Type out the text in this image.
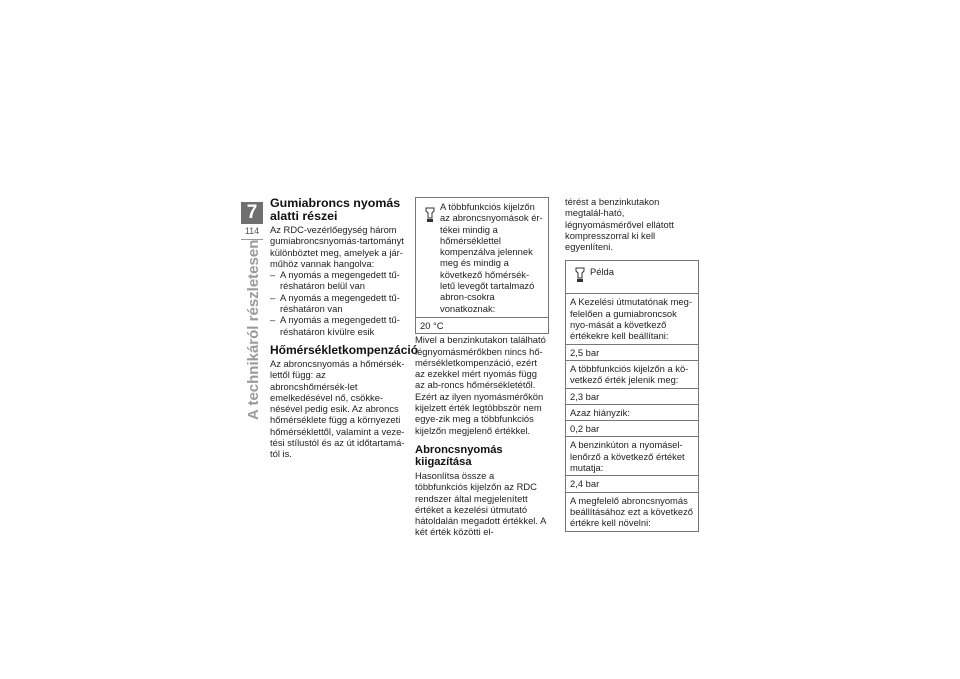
7
114
A technikáról részletesen
Gumiabroncs nyomás alatti részei

Az RDC-vezérlőegység három gumiabroncsnyomás-tartományt különböztet meg, amelyek a jár-műhöz vannak hangolva:

– A nyomás a megengedett tű-réshatáron belül van
– A nyomás a megengedett tű-réshatáron van
– A nyomás a megengedett tű-réshatáron kívülre esik
Hőmérsékletkompenzáció

Az abroncsnyomás a hőmérsék-lettől függ: az abroncshőmérsék-let emelkedésével nő, csökke-nésével pedig esik. Az abroncs hőmérséklete függ a környezeti hőmérséklettől, valamint a veze-tési stílustól és az út időtartamá-tól is.

A többfunkciós kijelzőn
az abroncsnyomások ér-tékei mindig a hőmérséklettel kompenzálva jelennek meg és mindig a következő hőmérsék-letű levegőt tartalmazó abron-csokra vonatkoznak:
20 °C

Mivel a benzinkutakon található légnyomásmérőkben nincs hő-mérsékletkompenzáció, ezért az ezekkel mért nyomás függ az ab-roncs hőmérsékletétől. Ezért az ilyen nyomásmérőkön kijelzett érték legtöbbször nem egye-zik meg a többfunkciós kijelzőn megjelenő értékkel.

Abroncsnyomás kiigazítása

Hasonlítsa össze a többfunkciós kijelzőn az RDC rendszer által megjelenített értéket a kezelési útmutató hátoldalán megadott értékkel. A két érték közötti el-

térést a benzinkutakon megtalál-ható, légnyomásmérővel ellátott kompresszorral ki kell egyenlíteni.

Példa
A Kezelési útmutatónak meg-felelően a gumiabroncsok nyo-mását a következő értékekre kell beállítani:
2,5 bar
A többfunkciós kijelzőn a kö-vetkező érték jelenik meg:
2,3 bar
Azaz hiányzik:
0,2 bar
A benzinkúton a nyomásel-lenőrző a következő értéket mutatja:
2,4 bar
A megfelelő abroncsnyomás beállításához ezt a következő értékre kell növelni:
